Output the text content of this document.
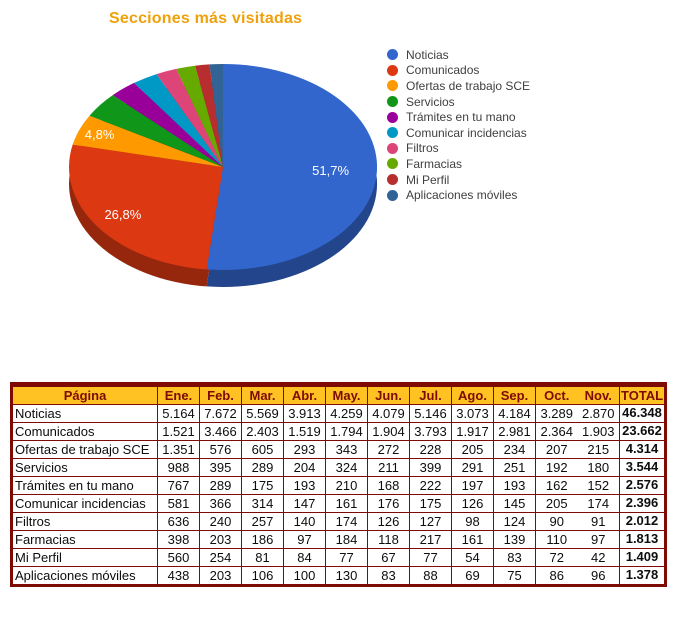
Secciones más visitadas
51,7%
26,8%
4,8%
Noticias
Comunicados
Ofertas de trabajo SCE
Servicios
Trámites en tu mano
Comunicar incidencias
Filtros
Farmacias
Mi Perfil
Aplicaciones móviles
Página	Ene.	Feb.	Mar.	Abr.	May.	Jun.	Jul.	Ago.	Sep.	Oct.	Nov.	TOTAL
Noticias	5.164	7.672	5.569	3.913	4.259	4.079	5.146	3.073	4.184	3.289	2.870	46.348
Comunicados	1.521	3.466	2.403	1.519	1.794	1.904	3.793	1.917	2.981	2.364	1.903	23.662
Ofertas de trabajo SCE	1.351	576	605	293	343	272	228	205	234	207	215	4.314
Servicios	988	395	289	204	324	211	399	291	251	192	180	3.544
Trámites en tu mano	767	289	175	193	210	168	222	197	193	162	152	2.576
Comunicar incidencias	581	366	314	147	161	176	175	126	145	205	174	2.396
Filtros	636	240	257	140	174	126	127	98	124	90	91	2.012
Farmacias	398	203	186	97	184	118	217	161	139	110	97	1.813
Mi Perfil	560	254	81	84	77	67	77	54	83	72	42	1.409
Aplicaciones móviles	438	203	106	100	130	83	88	69	75	86	96	1.378
